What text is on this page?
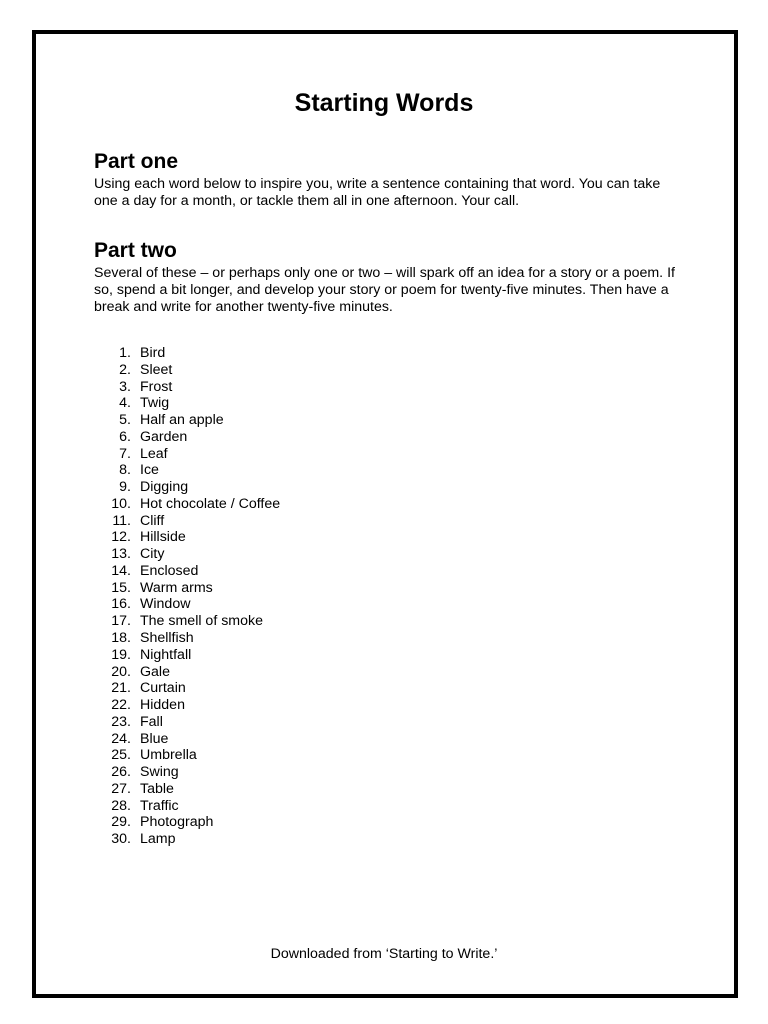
Starting Words
Part one

Using each word below to inspire you, write a sentence containing that word. You can take one a day for a month, or tackle them all in one afternoon. Your call.

Part two

Several of these – or perhaps only one or two – will spark off an idea for a story or a poem. If so, spend a bit longer, and develop your story or poem for twenty-five minutes. Then have a break and write for another twenty-five minutes.

1. Bird
2. Sleet
3. Frost
4. Twig
5. Half an apple
6. Garden
7. Leaf
8. Ice
9. Digging
10. Hot chocolate / Coffee
11. Cliff
12. Hillside
13. City
14. Enclosed
15. Warm arms
16. Window
17. The smell of smoke
18. Shellfish
19. Nightfall
20. Gale
21. Curtain
22. Hidden
23. Fall
24. Blue
25. Umbrella
26. Swing
27. Table
28. Traffic
29. Photograph
30. Lamp

Downloaded from ‘Starting to Write.’
